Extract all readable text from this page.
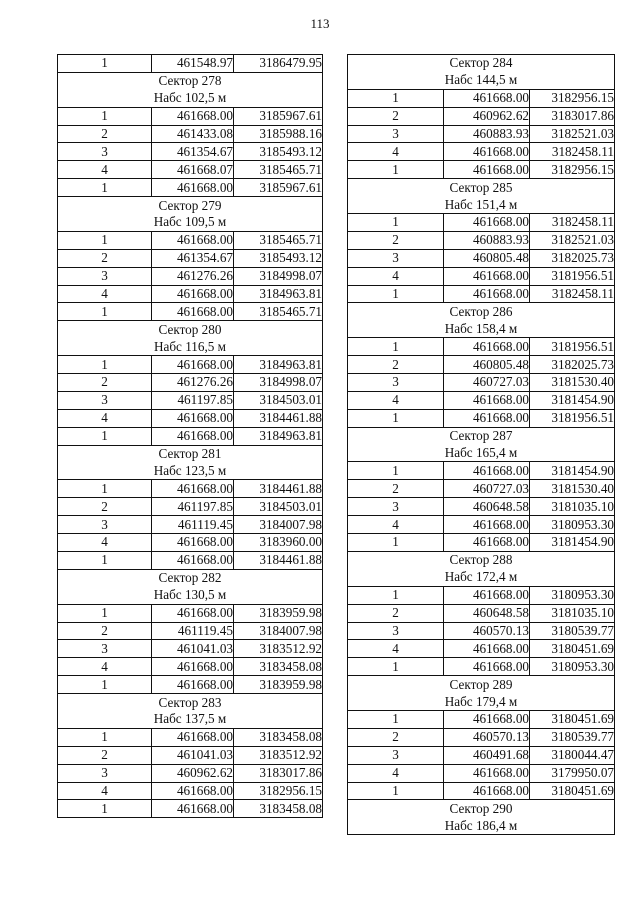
113
1	461548.97	3186479.95
Сектор 278		
Набс 102,5 м		
1	461668.00	3185967.61
2	461433.08	3185988.16
3	461354.67	3185493.12
4	461668.07	3185465.71
1	461668.00	3185967.61
Сектор 279		
Набс 109,5 м		
1	461668.00	3185465.71
2	461354.67	3185493.12
3	461276.26	3184998.07
4	461668.00	3184963.81
1	461668.00	3185465.71
Сектор 280		
Набс 116,5 м		
1	461668.00	3184963.81
2	461276.26	3184998.07
3	461197.85	3184503.01
4	461668.00	3184461.88
1	461668.00	3184963.81
Сектор 281		
Набс 123,5 м		
1	461668.00	3184461.88
2	461197.85	3184503.01
3	461119.45	3184007.98
4	461668.00	3183960.00
1	461668.00	3184461.88
Сектор 282		
Набс 130,5 м		
1	461668.00	3183959.98
2	461119.45	3184007.98
3	461041.03	3183512.92
4	461668.00	3183458.08
1	461668.00	3183959.98
Сектор 283		
Набс 137,5 м		
1	461668.00	3183458.08
2	461041.03	3183512.92
3	460962.62	3183017.86
4	461668.00	3182956.15
1	461668.00	3183458.08
Сектор 284		
Набс 144,5 м		
1	461668.00	3182956.15
2	460962.62	3183017.86
3	460883.93	3182521.03
4	461668.00	3182458.11
1	461668.00	3182956.15
Сектор 285		
Набс 151,4 м		
1	461668.00	3182458.11
2	460883.93	3182521.03
3	460805.48	3182025.73
4	461668.00	3181956.51
1	461668.00	3182458.11
Сектор 286		
Набс 158,4 м		
1	461668.00	3181956.51
2	460805.48	3182025.73
3	460727.03	3181530.40
4	461668.00	3181454.90
1	461668.00	3181956.51
Сектор 287		
Набс 165,4 м		
1	461668.00	3181454.90
2	460727.03	3181530.40
3	460648.58	3181035.10
4	461668.00	3180953.30
1	461668.00	3181454.90
Сектор 288		
Набс 172,4 м		
1	461668.00	3180953.30
2	460648.58	3181035.10
3	460570.13	3180539.77
4	461668.00	3180451.69
1	461668.00	3180953.30
Сектор 289		
Набс 179,4 м		
1	461668.00	3180451.69
2	460570.13	3180539.77
3	460491.68	3180044.47
4	461668.00	3179950.07
1	461668.00	3180451.69
Сектор 290		
Набс 186,4 м		
